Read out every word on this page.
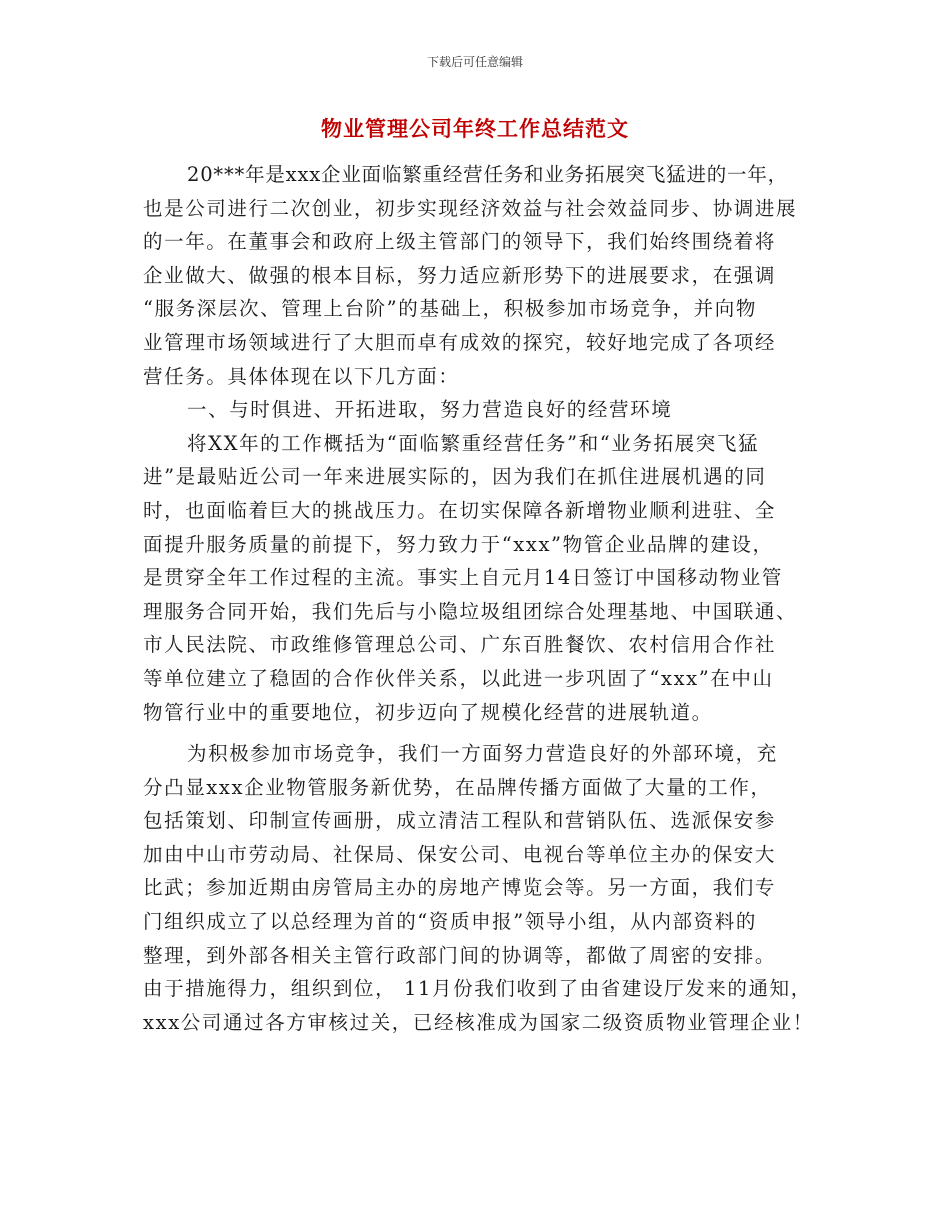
下载后可任意编辑
物业管理公司年终工作总结范文
20***年是xxx企业面临繁重经营任务和业务拓展突飞猛进的一年，
也是公司进行二次创业，初步实现经济效益与社会效益同步、协调进展
的一年。在董事会和政府上级主管部门的领导下，我们始终围绕着将
企业做大、做强的根本目标，努力适应新形势下的进展要求，在强调
“服务深层次、管理上台阶”的基础上，积极参加市场竞争，并向物
业管理市场领域进行了大胆而卓有成效的探究，较好地完成了各项经
营任务。具体体现在以下几方面：
一、与时俱进、开拓进取，努力营造良好的经营环境
将XX年的工作概括为“面临繁重经营任务”和“业务拓展突飞猛
进”是最贴近公司一年来进展实际的，因为我们在抓住进展机遇的同
时，也面临着巨大的挑战压力。在切实保障各新增物业顺利进驻、全
面提升服务质量的前提下，努力致力于“xxx”物管企业品牌的建设，
是贯穿全年工作过程的主流。事实上自元月14日签订中国移动物业管
理服务合同开始，我们先后与小隐垃圾组团综合处理基地、中国联通、
市人民法院、市政维修管理总公司、广东百胜餐饮、农村信用合作社
等单位建立了稳固的合作伙伴关系，以此进一步巩固了“xxx”在中山
物管行业中的重要地位，初步迈向了规模化经营的进展轨道。
为积极参加市场竞争，我们一方面努力营造良好的外部环境，充
分凸显xxx企业物管服务新优势，在品牌传播方面做了大量的工作，
包括策划、印制宣传画册，成立清洁工程队和营销队伍、选派保安参
加由中山市劳动局、社保局、保安公司、电视台等单位主办的保安大
比武；参加近期由房管局主办的房地产博览会等。另一方面，我们专
门组织成立了以总经理为首的“资质申报”领导小组，从内部资料的
整理，到外部各相关主管行政部门间的协调等，都做了周密的安排。
由于措施得力，组织到位， 11月份我们收到了由省建设厅发来的通知，
xxx公司通过各方审核过关，已经核准成为国家二级资质物业管理企业！
